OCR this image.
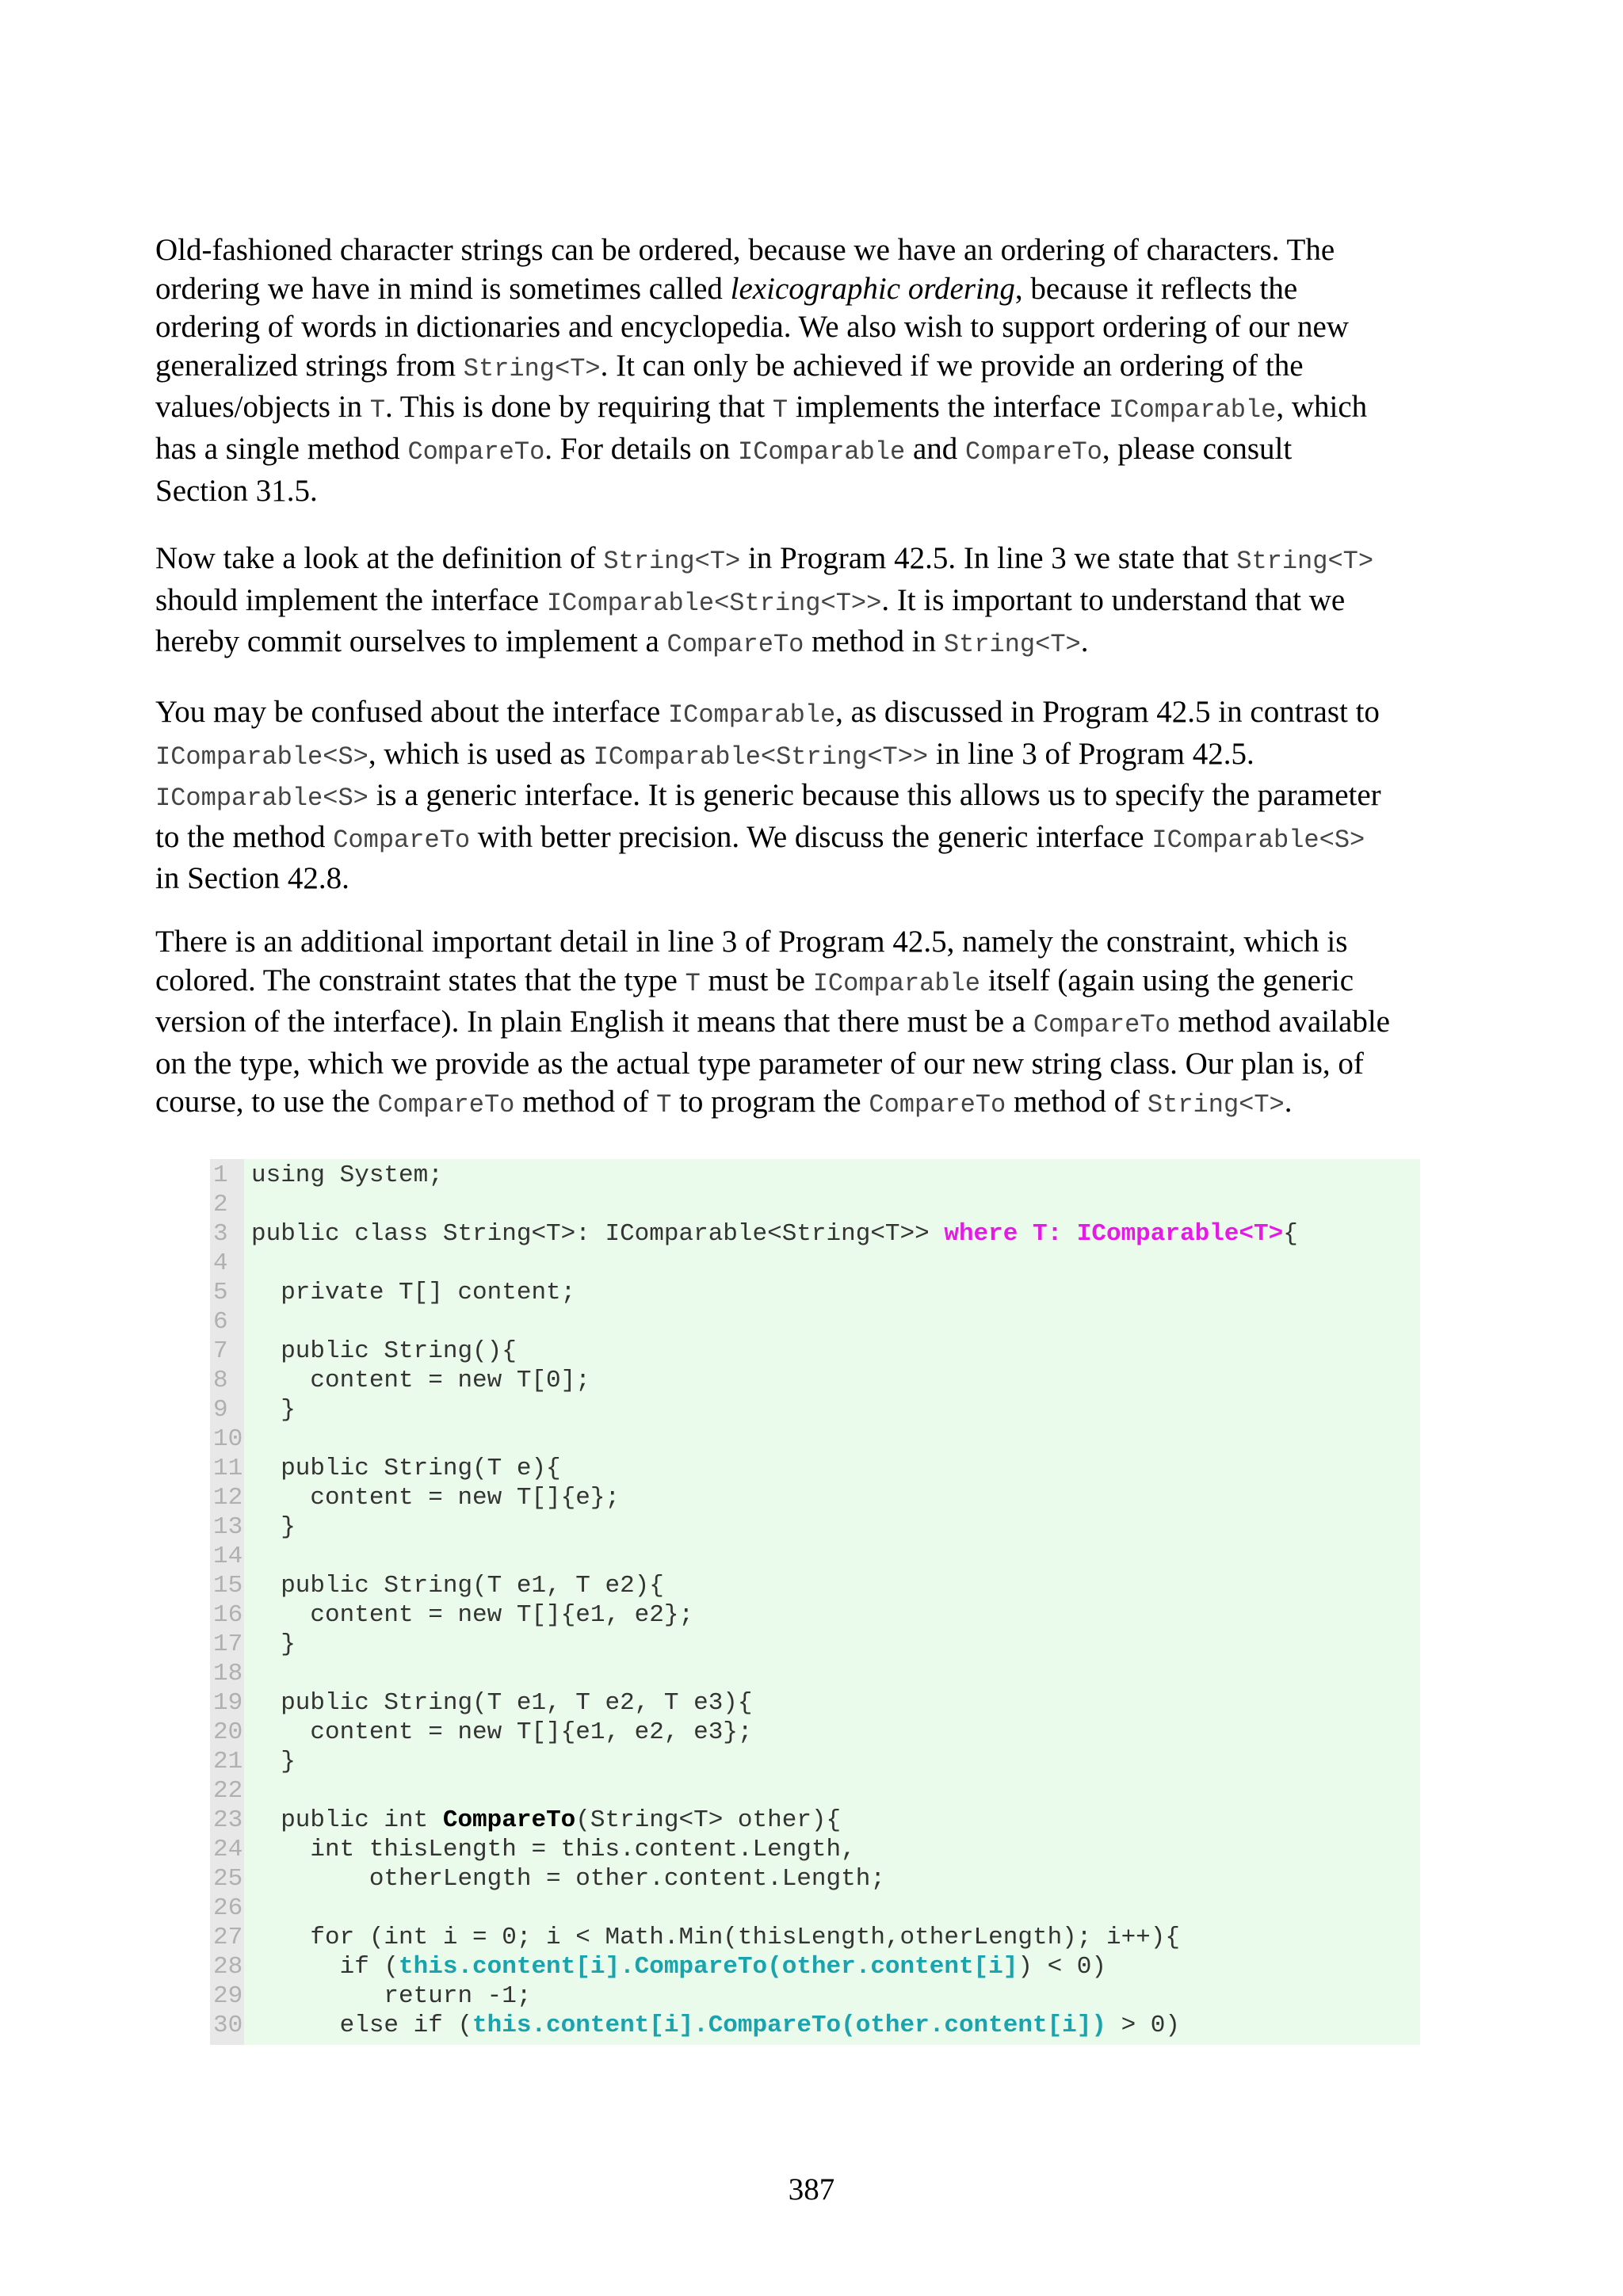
Old-fashioned character strings can be ordered, because we have an ordering of characters. The
ordering we have in mind is sometimes called lexicographic ordering, because it reflects the
ordering of words in dictionaries and encyclopedia. We also wish to support ordering of our new
generalized strings from String<T>. It can only be achieved if we provide an ordering of the
values/objects in T. This is done by requiring that T implements the interface IComparable, which
has a single method CompareTo. For details on IComparable and CompareTo, please consult
Section 31.5.

Now take a look at the definition of String<T> in Program 42.5. In line 3 we state that String<T>
should implement the interface IComparable<String<T>>. It is important to understand that we
hereby commit ourselves to implement a CompareTo method in String<T>.

You may be confused about the interface IComparable, as discussed in Program 42.5 in contrast to
IComparable<S>, which is used as IComparable<String<T>> in line 3 of Program 42.5.
IComparable<S> is a generic interface. It is generic because this allows us to specify the parameter
to the method CompareTo with better precision. We discuss the generic interface IComparable<S>
in Section 42.8.

There is an additional important detail in line 3 of Program 42.5, namely the constraint, which is
colored. The constraint states that the type T must be IComparable itself (again using the generic
version of the interface). In plain English it means that there must be a CompareTo method available
on the type, which we provide as the actual type parameter of our new string class. Our plan is, of
course, to use the CompareTo method of T to program the CompareTo method of String<T>.

1 using System;
2
3 public class String<T>: IComparable<String<T>> where T: IComparable<T>{
4
5 private T[] content;
6
7 public String(){
8 content = new T[0];
9 }
10
11 public String(T e){
12 content = new T[]{e};
13 }
14
15 public String(T e1, T e2){
16 content = new T[]{e1, e2};
17 }
18
19 public String(T e1, T e2, T e3){
20 content = new T[]{e1, e2, e3};
21 }
22
23 public int CompareTo(String<T> other){
24 int thisLength = this.content.Length,
25 otherLength = other.content.Length;
26
27 for (int i = 0; i < Math.Min(thisLength,otherLength); i++){
28 if (this.content[i].CompareTo(other.content[i]) < 0)
29 return -1;
30 else if (this.content[i].CompareTo(other.content[i]) > 0)
387
